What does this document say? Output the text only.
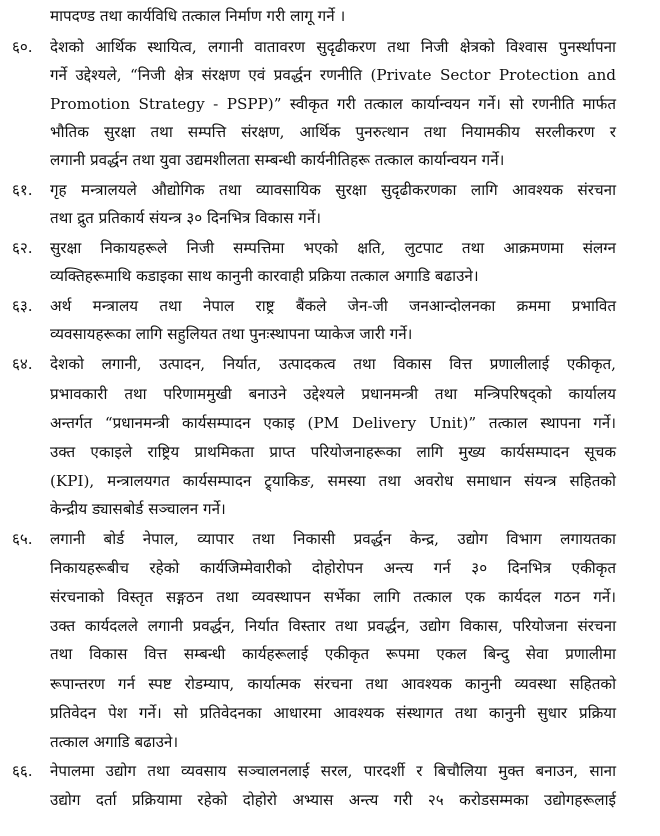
मापदण्ड तथा कार्यविधि तत्काल निर्माण गरी लागू गर्ने ।
६०. देशको आर्थिक स्थायित्व, लगानी वातावरण सुदृढीकरण तथा निजी क्षेत्रको विश्वास पुनर्स्थापना
गर्ने उद्देश्यले, “निजी क्षेत्र संरक्षण एवं प्रवर्द्धन रणनीति (Private Sector Protection and
Promotion Strategy - PSPP)” स्वीकृत गरी तत्काल कार्यान्वयन गर्ने। सो रणनीति मार्फत
भौतिक सुरक्षा तथा सम्पत्ति संरक्षण, आर्थिक पुनरुत्थान तथा नियामकीय सरलीकरण र
लगानी प्रवर्द्धन तथा युवा उद्यमशीलता सम्बन्धी कार्यनीतिहरू तत्काल कार्यान्वयन गर्ने।
६१. गृह मन्त्रालयले औद्योगिक तथा व्यावसायिक सुरक्षा सुदृढीकरणका लागि आवश्यक संरचना
तथा द्रुत प्रतिकार्य संयन्त्र ३० दिनभित्र विकास गर्ने।
६२. सुरक्षा निकायहरूले निजी सम्पत्तिमा भएको क्षति, लुटपाट तथा आक्रमणमा संलग्न
व्यक्तिहरूमाथि कडाइका साथ कानुनी कारवाही प्रक्रिया तत्काल अगाडि बढाउने।
६३. अर्थ मन्त्रालय तथा नेपाल राष्ट्र बैंकले जेन-जी जनआन्दोलनका क्रममा प्रभावित
व्यवसायहरूका लागि सहुलियत तथा पुनःस्थापना प्याकेज जारी गर्ने।
६४. देशको लगानी, उत्पादन, निर्यात, उत्पादकत्व तथा विकास वित्त प्रणालीलाई एकीकृत,
प्रभावकारी तथा परिणाममुखी बनाउने उद्देश्यले प्रधानमन्त्री तथा मन्त्रिपरिषद्को कार्यालय
अन्तर्गत “प्रधानमन्त्री कार्यसम्पादन एकाइ (PM Delivery Unit)” तत्काल स्थापना गर्ने।
उक्त एकाइले राष्ट्रिय प्राथमिकता प्राप्त परियोजनाहरूका लागि मुख्य कार्यसम्पादन सूचक
(KPI), मन्त्रालयगत कार्यसम्पादन ट्र्याकिङ, समस्या तथा अवरोध समाधान संयन्त्र सहितको
केन्द्रीय ड्यासबोर्ड सञ्चालन गर्ने।
६५. लगानी बोर्ड नेपाल, व्यापार तथा निकासी प्रवर्द्धन केन्द्र, उद्योग विभाग लगायतका
निकायहरूबीच रहेको कार्यजिम्मेवारीको दोहोरोपन अन्त्य गर्न ३० दिनभित्र एकीकृत
संरचनाको विस्तृत सङ्गठन तथा व्यवस्थापन सर्भेका लागि तत्काल एक कार्यदल गठन गर्ने।
उक्त कार्यदलले लगानी प्रवर्द्धन, निर्यात विस्तार तथा प्रवर्द्धन, उद्योग विकास, परियोजना संरचना
तथा विकास वित्त सम्बन्धी कार्यहरूलाई एकीकृत रूपमा एकल बिन्दु सेवा प्रणालीमा
रूपान्तरण गर्न स्पष्ट रोडम्याप, कार्यात्मक संरचना तथा आवश्यक कानुनी व्यवस्था सहितको
प्रतिवेदन पेश गर्ने। सो प्रतिवेदनका आधारमा आवश्यक संस्थागत तथा कानुनी सुधार प्रक्रिया
तत्काल अगाडि बढाउने।
६६. नेपालमा उद्योग तथा व्यवसाय सञ्चालनलाई सरल, पारदर्शी र बिचौलिया मुक्त बनाउन, साना
उद्योग दर्ता प्रक्रियामा रहेको दोहोरो अभ्यास अन्त्य गरी २५ करोडसम्मका उद्योगहरूलाई
